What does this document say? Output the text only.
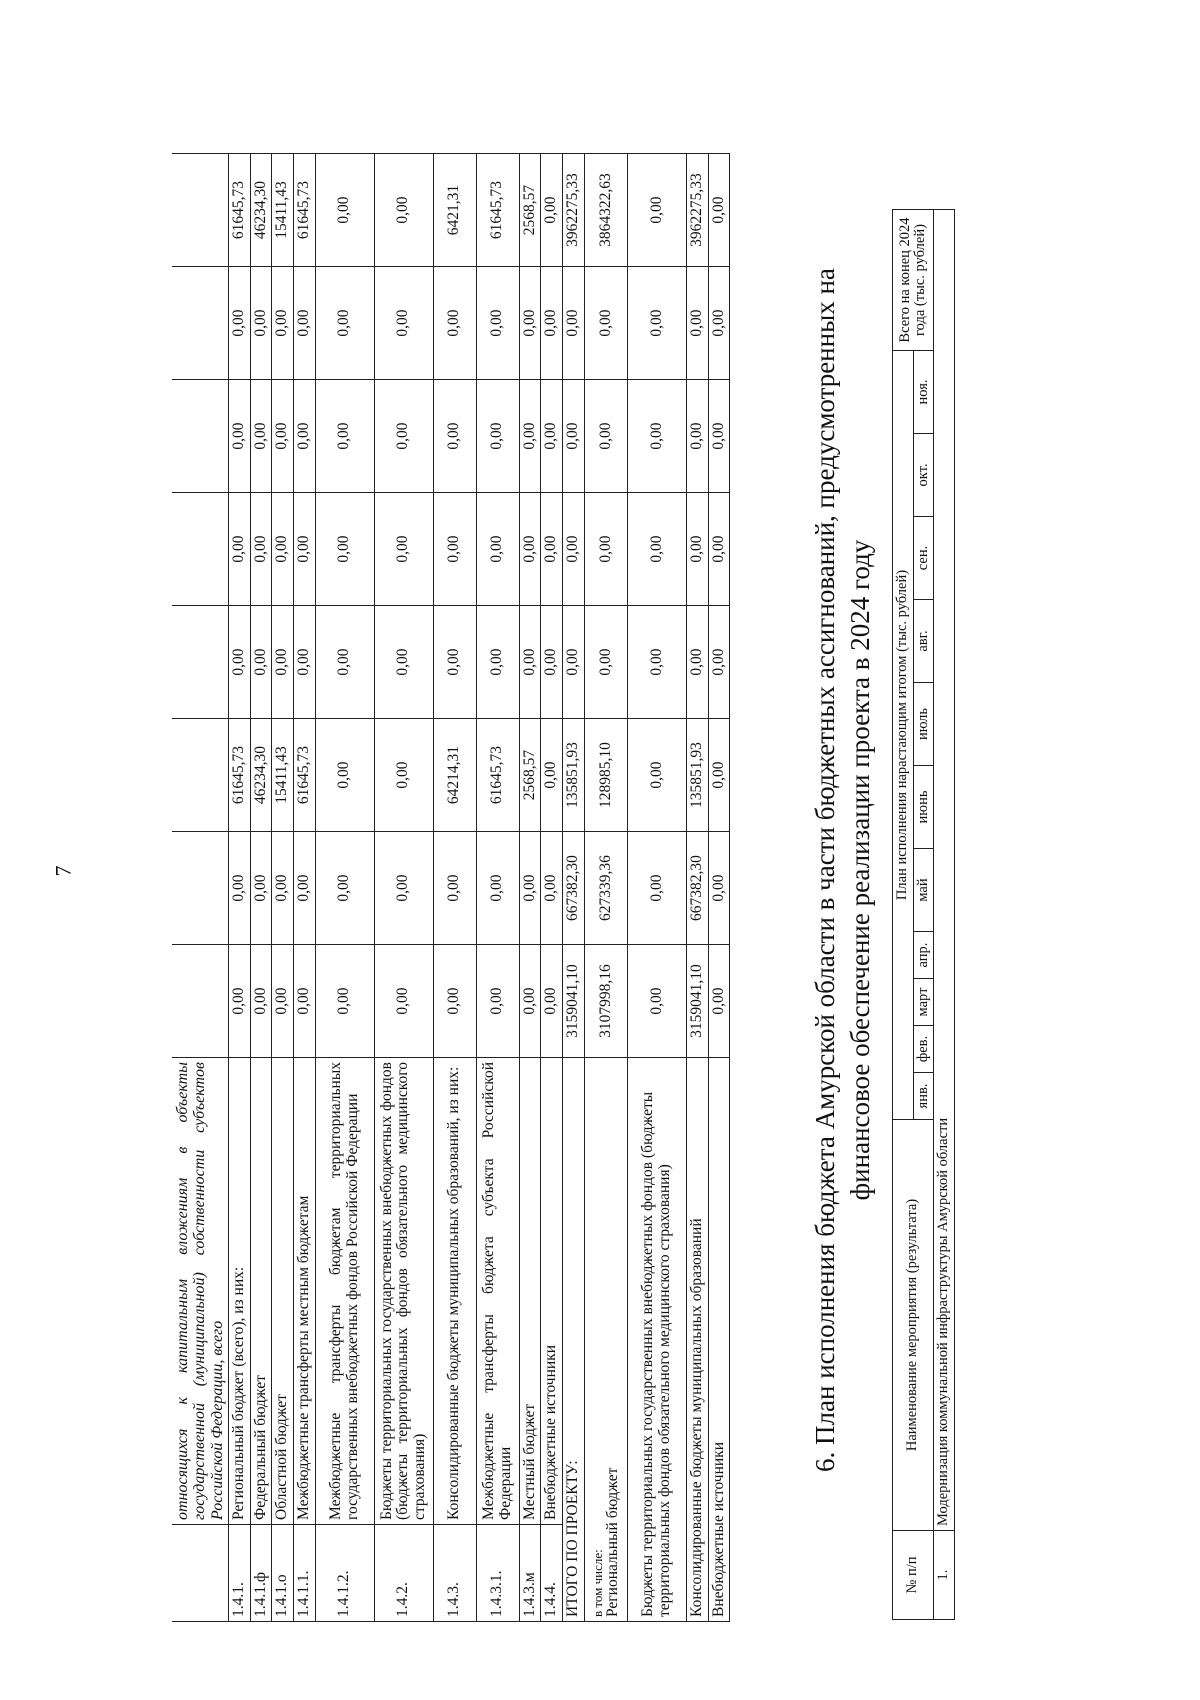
7
	относящихся к капитальным вложениям в объекты государственной (муниципальной) собственности субъектов Российской Федерации, всего								
1.4.1.	Региональный бюджет (всего), из них:	0,00	0,00	61645,73	0,00	0,00	0,00	0,00	61645,73
1.4.1.ф	Федеральный бюджет	0,00	0,00	46234,30	0,00	0,00	0,00	0,00	46234,30
1.4.1.о	Областной бюджет	0,00	0,00	15411,43	0,00	0,00	0,00	0,00	15411,43
1.4.1.1.	Межбюджетные трансферты местным бюджетам	0,00	0,00	61645,73	0,00	0,00	0,00	0,00	61645,73
1.4.1.2.	Межбюджетные трансферты бюджетам территориальных государственных внебюджетных фондов Российской Федерации	0,00	0,00	0,00	0,00	0,00	0,00	0,00	0,00
1.4.2.	Бюджеты территориальных государственных внебюджетных фондов (бюджеты территориальных фондов обязательного медицинского страхования)	0,00	0,00	0,00	0,00	0,00	0,00	0,00	0,00
1.4.3.	Консолидированные бюджеты муниципальных образований, из них:	0,00	0,00	64214,31	0,00	0,00	0,00	0,00	6421,31
1.4.3.1.	Межбюджетные трансферты бюджета субъекта Российской Федерации	0,00	0,00	61645,73	0,00	0,00	0,00	0,00	61645,73
1.4.3.м	Местный бюджет	0,00	0,00	2568,57	0,00	0,00	0,00	0,00	2568,57
1.4.4.	Внебюджетные источники	0,00	0,00	0,00	0,00	0,00	0,00	0,00	0,00
ИТОГО ПО ПРОЕКТУ:		3159041,10	667382,30	135851,93	0,00	0,00	0,00	0,00	3962275,33

в том числе: Региональный бюджет		3107998,16	627339,36	128985,10	0,00	0,00	0,00	0,00	3864322,63
Бюджеты территориальных государственных внебюджетных фондов (бюджеты территориальных фондов обязательного медицинского страхования)		0,00	0,00	0,00	0,00	0,00	0,00	0,00	0,00
Консолидированные бюджеты муниципальных образований		3159041,10	667382,30	135851,93	0,00	0,00	0,00	0,00	3962275,33
Внебюджетные источники		0,00	0,00	0,00	0,00	0,00	0,00	0,00	0,00
6. План исполнения бюджета Амурской области в части бюджетных ассигнований, предусмотренных на финансовое обеспечение реализации проекта в 2024 году
№ п/п	Наименование мероприятия (результата)	План исполнения нарастающим итогом (тыс. рублей)											Всего на конец 2024 года (тыс. рублей)
		янв.	фев.	март	апр.	май	июнь	июль	авг.	сен.	окт.	ноя.	
1.	Модернизация коммунальной инфраструктуры Амурской области												
